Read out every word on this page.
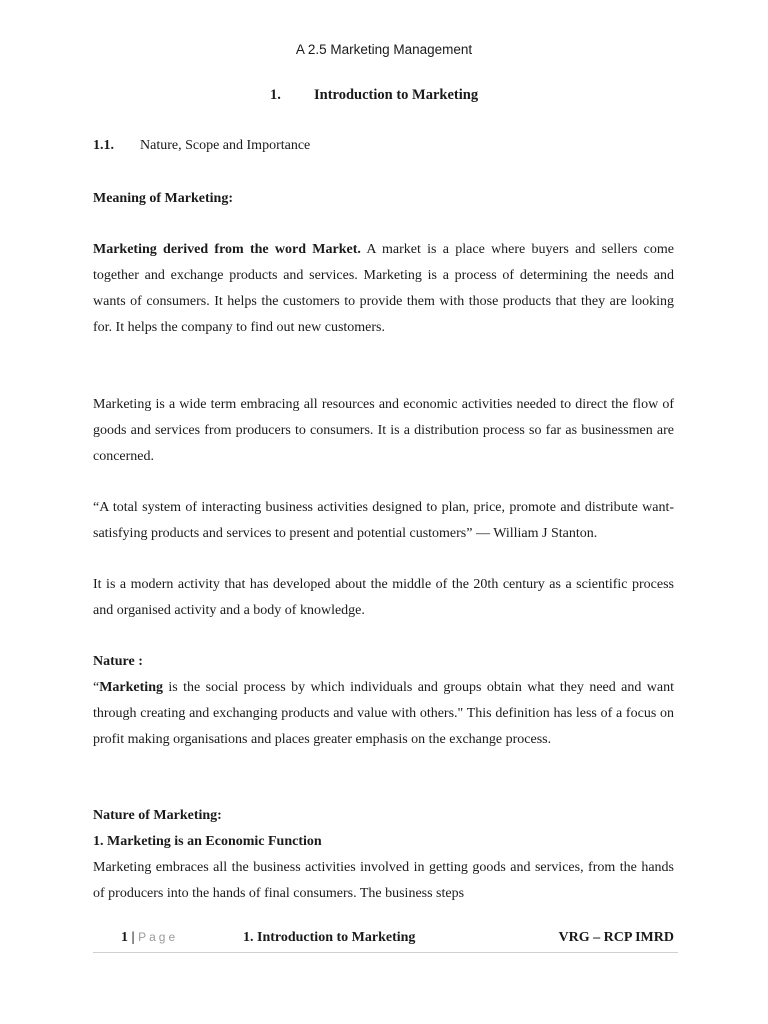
A 2.5 Marketing Management
1. Introduction to Marketing
1.1. Nature, Scope and Importance
Meaning of Marketing:

Marketing derived from the word Market. A market is a place where buyers and sellers come together and exchange products and services. Marketing is a process of determining the needs and wants of consumers. It helps the customers to provide them with those products that they are looking for. It helps the company to find out new customers.

Marketing is a wide term embracing all resources and economic activities needed to direct the flow of goods and services from producers to consumers. It is a distribution process so far as businessmen are concerned.

“A total system of interacting business activities designed to plan, price, promote and distribute want-satisfying products and services to present and potential customers” — William J Stanton.

It is a modern activity that has developed about the middle of the 20th century as a scientific process and organised activity and a body of knowledge.

Nature :

“Marketing is the social process by which individuals and groups obtain what they need and want through creating and exchanging products and value with others." This definition has less of a focus on profit making organisations and places greater emphasis on the exchange process.

Nature of Marketing:
1. Marketing is an Economic Function

Marketing embraces all the business activities involved in getting goods and services, from the hands of producers into the hands of final consumers. The business steps

1 | Page	1. Introduction to Marketing	VRG – RCP IMRD
